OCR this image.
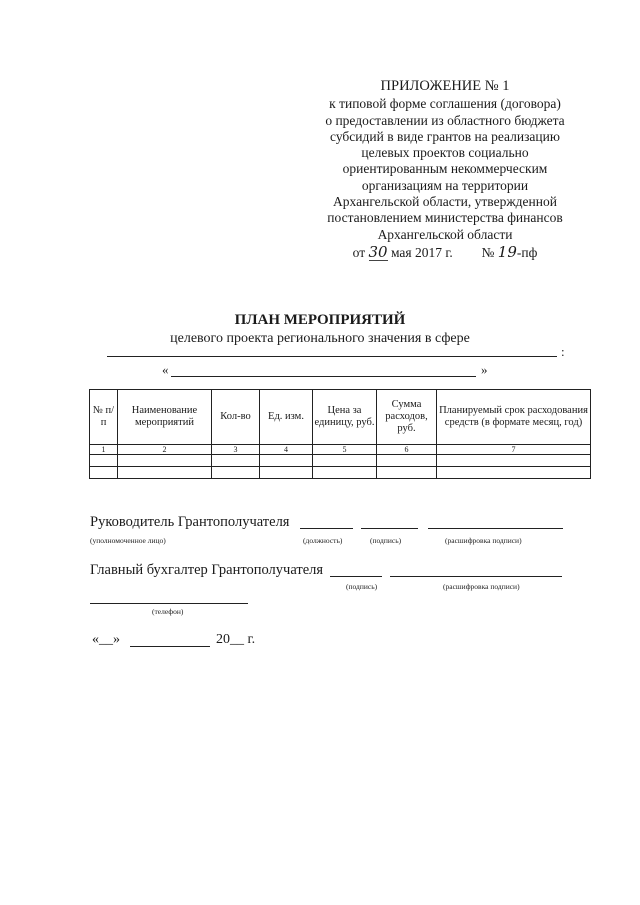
ПРИЛОЖЕНИЕ № 1
к типовой форме соглашения (договора)
о предоставлении из областного бюджета
субсидий в виде грантов на реализацию
целевых проектов социально
ориентированным некоммерческим
организациям на территории
Архангельской области, утвержденной
постановлением министерства финансов
Архангельской области
от 30 мая 2017 г. № 19-пф
ПЛАН МЕРОПРИЯТИЙ
целевого проекта регионального значения в сфере
:
«	»
№ п/п	Наименование мероприятий	Кол-во	Ед. изм.	Цена за единицу, руб.	Сумма расходов, руб.	Планируемый срок расходования средств (в формате месяц, год)
1	2	3	4	5	6	7

Руководитель Грантополучателя
(уполномоченное лицо)	(должность)	(подпись)	(расшифровка подписи)
Главный бухгалтер Грантополучателя
(подпись)	(расшифровка подписи)
(телефон)
«__»	20__ г.
